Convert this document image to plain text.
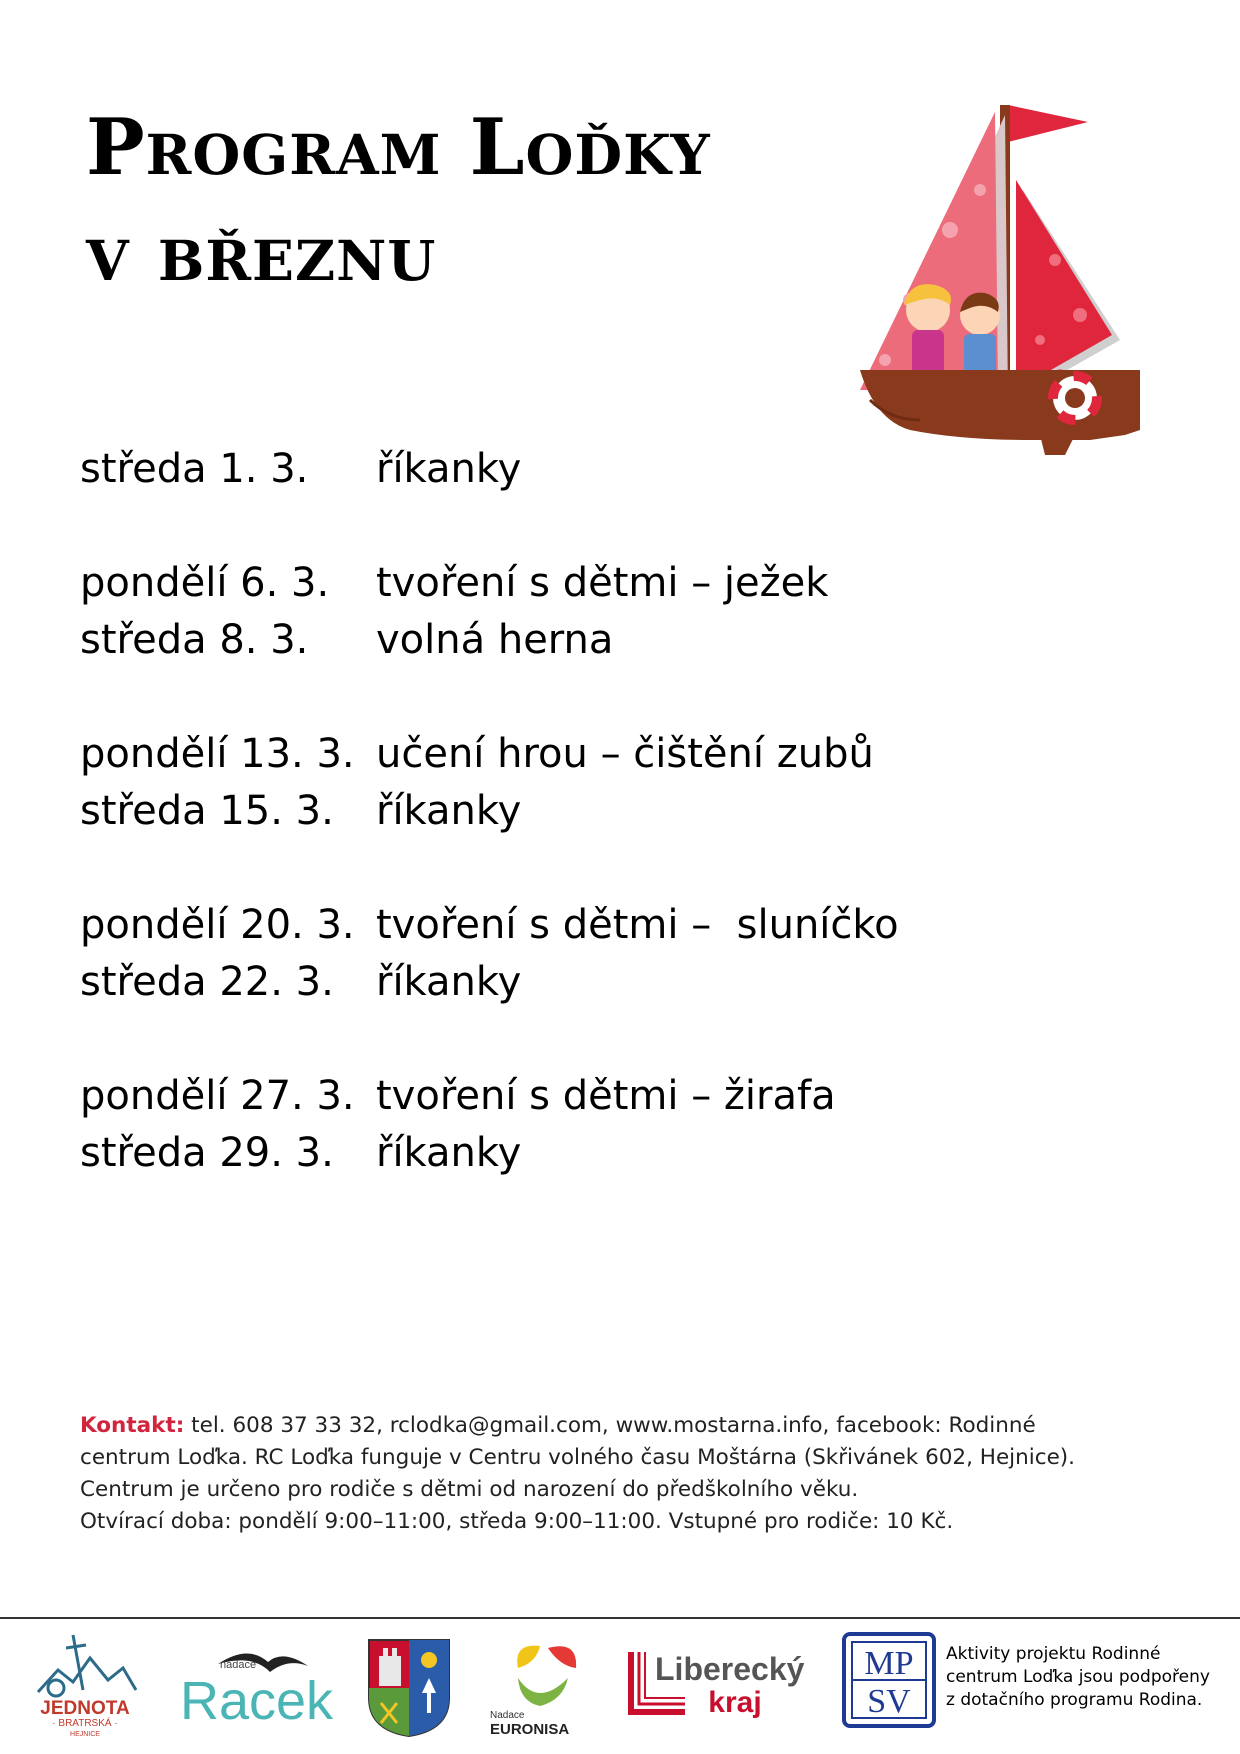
Program Loďky
v březnu
středa 1. 3.	říkanky
pondělí 6. 3.	tvoření s dětmi – ježek
středa 8. 3.	volná herna
pondělí 13. 3. učení hrou – čištění zubů
středa 15. 3.	říkanky
pondělí 20. 3. tvoření s dětmi –  sluníčko
středa 22. 3.	říkanky
pondělí 27. 3. tvoření s dětmi – žirafa
středa 29. 3.	říkanky

Kontakt: tel. 608 37 33 32, rclodka@gmail.com, www.mostarna.info, facebook: Rodinné

centrum Loďka. RC Loďka funguje v Centru volného času Moštárna (Skřivánek 602, Hejnice).

Centrum je určeno pro rodiče s dětmi od narození do předškolního věku.

Otvírací doba: pondělí 9:00–11:00, středa 9:00–11:00. Vstupné pro rodiče: 10 Kč.

JEDNOTA
· BRATRSKÁ ·
HEJNICE
nadace
Racek	Nadace
EURONISA
Liberecký
kraj
MP
SV
Aktivity projektu Rodinné
centrum Loďka jsou podpořeny
z dotačního programu Rodina.
